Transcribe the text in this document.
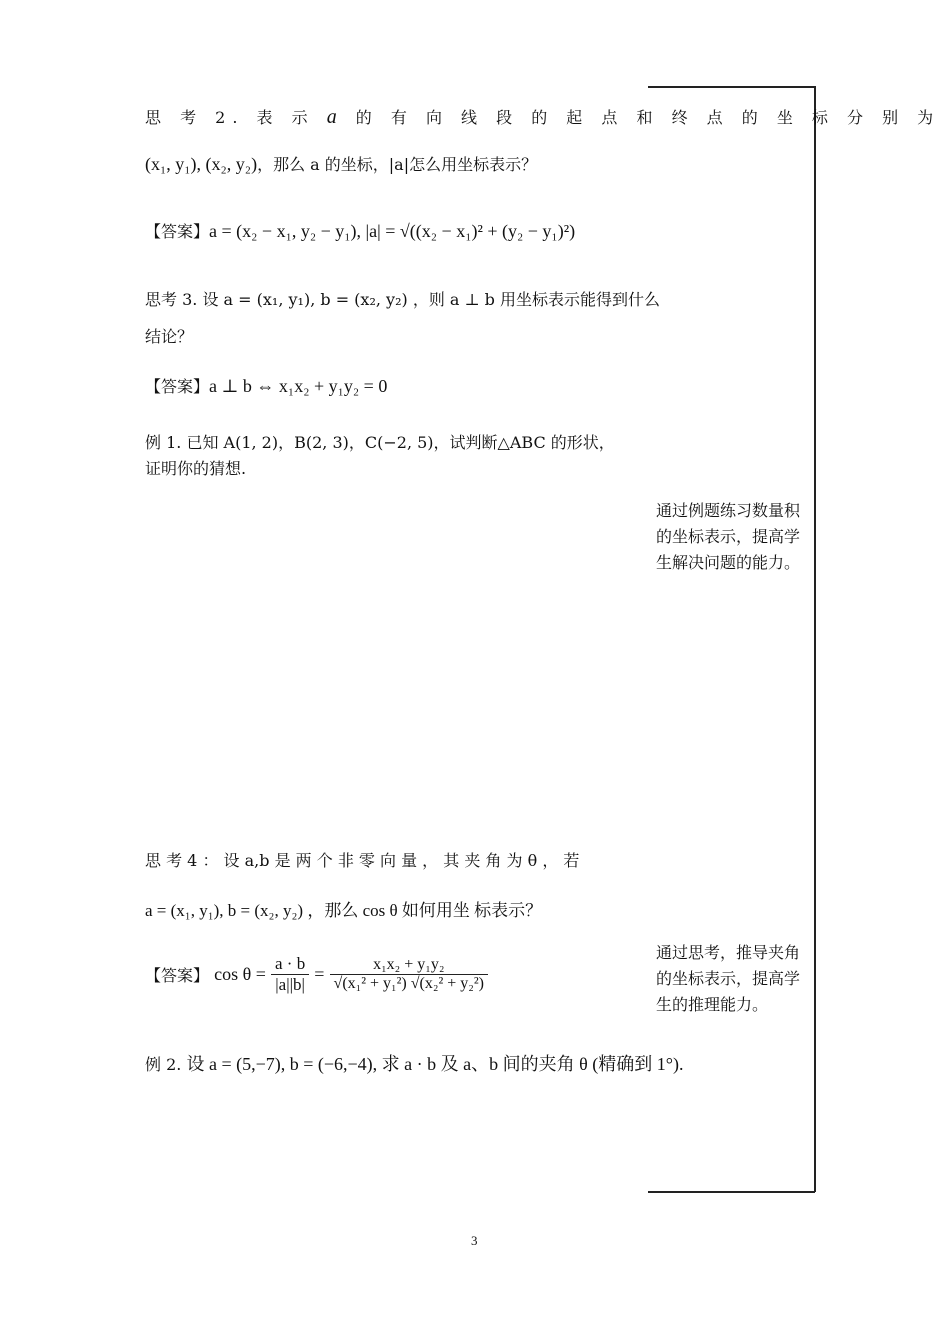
思 考 2. 表 示 a 的 有 向 线 段 的 起 点 和 终 点 的 坐 标 分 别 为
(x₁, y₁), (x₂, y₂)，那么 a 的坐标，|a|怎么用坐标表示？
【答案】a = (x₂ − x₁, y₂ − y₁), |a| = √((x₂ − x₁)² + (y₂ − y₁)²)
思考 3. 设 a = (x₁, y₁), b = (x₂, y₂) ，则 a ⊥ b 用坐标表示能得到什么
结论？
【答案】a ⊥ b ⇔ x₁x₂ + y₁y₂ = 0
例 1. 已知 A(1, 2)，B(2, 3)，C(−2, 5)，试判断△ABC 的形状，
证明你的猜想.
通过例题练习数量积的坐标表示，提高学生解决问题的能力。
思 考 4 ： 设 a,b 是 两 个 非 零 向 量 ， 其 夹 角 为 θ ， 若
a = (x₁, y₁), b = (x₂, y₂) ，那么 cos θ 如何用坐 标表示？
通过思考，推导夹角的坐标表示，提高学生的推理能力。
【答案】 $\cos \theta = \frac{a \cdot b}{|a||b|} = \frac{\text{x₁x₂ + y₁y₂}}{\text{√(x₁² + y₁²) √(x₂² + y₂²)}}$
例 2. 设 a = (5,−7), b = (−6,−4), 求 a · b 及 a、b 间的夹角 θ (精确到 1°).
3
